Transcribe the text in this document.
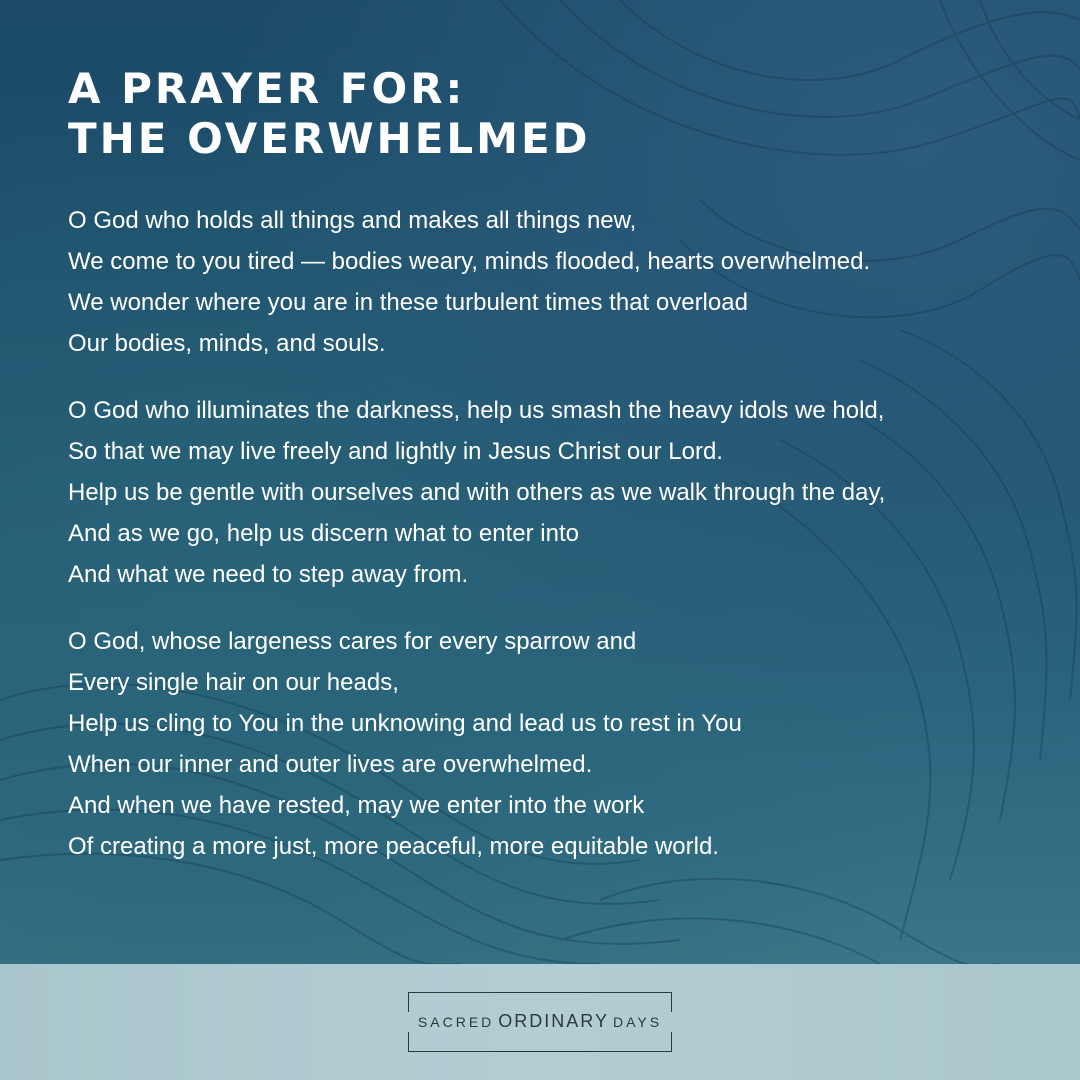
A PRAYER FOR:
THE OVERWHELMED
O God who holds all things and makes all things new,
We come to you tired — bodies weary, minds flooded, hearts overwhelmed.
We wonder where you are in these turbulent times that overload
Our bodies, minds, and souls.
O God who illuminates the darkness, help us smash the heavy idols we hold,
So that we may live freely and lightly in Jesus Christ our Lord.
Help us be gentle with ourselves and with others as we walk through the day,
And as we go, help us discern what to enter into
And what we need to step away from.
O God, whose largeness cares for every sparrow and
Every single hair on our heads,
Help us cling to You in the unknowing and lead us to rest in You
When our inner and outer lives are overwhelmed.
And when we have rested, may we enter into the work
Of creating a more just, more peaceful, more equitable world.
SACRED ORDINARY DAYS
